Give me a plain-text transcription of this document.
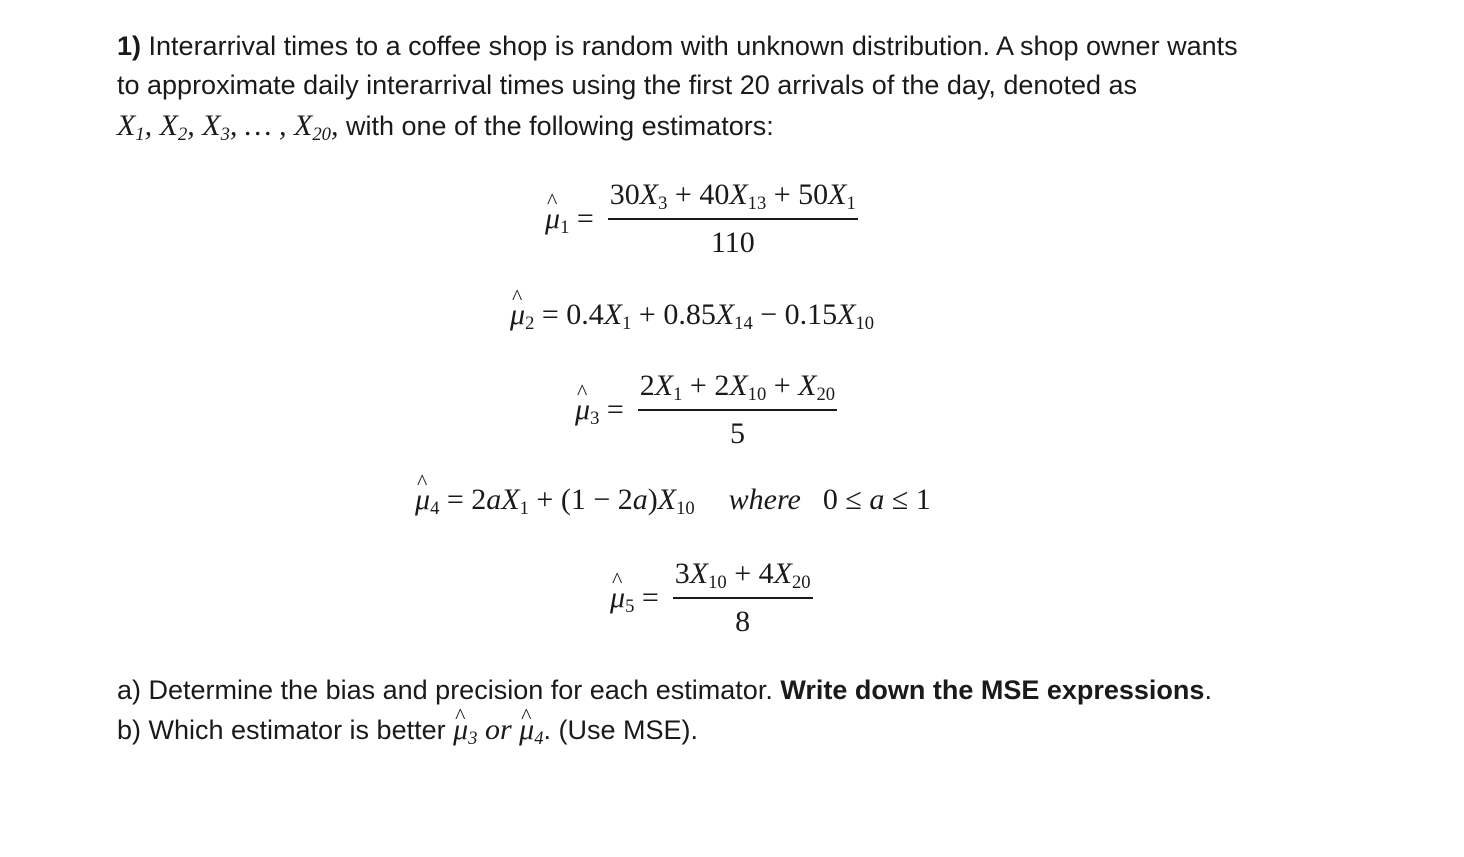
1) Interarrival times to a coffee shop is random with unknown distribution. A shop owner wants

to approximate daily interarrival times using the first 20 arrivals of the day, denoted as

$X_1$, $X_2$, $X_3$, … , $X_{20}$, with one of the following estimators:

^ $\mu_1 = \frac{30X_3 + 40X_{13} + 50X_1}{110}$
^ $\mu_2 = 0.4X_1 + 0.85X_{14} - 0.15X_{10}$
^ $\mu_3 = \frac{2X_1 + 2X_{10} + X_{20}}{5}$
^ $\mu_4 = 2aX_1 + (1 - 2a)X_{10}$ where 0 ≤ a ≤ 1
^ $\mu_5 = \frac{3X_{10} + 4X_{20}}{8}$

a) Determine the bias and precision for each estimator. Write down the MSE expressions.

b) Which estimator is better ^ $\mu_3$ or ^ $\mu_4$. (Use MSE).
